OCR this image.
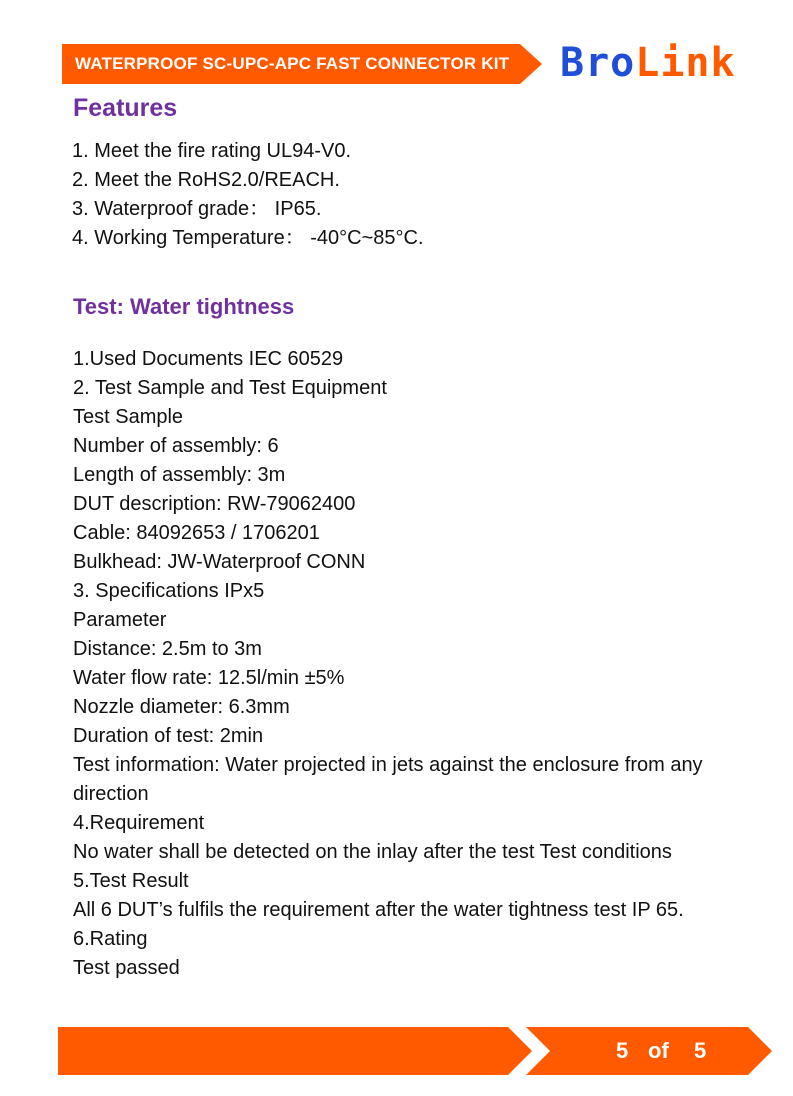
WATERPROOF SC-UPC-APC FAST CONNECTOR KIT BroLink
Features
1. Meet the fire rating UL94-V0.
2. Meet the RoHS2.0/REACH.
3. Waterproof grade： IP65.
4. Working Temperature： -40°C~85°C.
Test: Water tightness
1.Used Documents IEC 60529
2. Test Sample and Test Equipment
Test Sample
Number of assembly: 6
Length of assembly: 3m
DUT description: RW-79062400
Cable: 84092653 / 1706201
Bulkhead: JW-Waterproof CONN
3. Specifications IPx5
Parameter
Distance: 2.5m to 3m
Water flow rate: 12.5l/min ±5%
Nozzle diameter: 6.3mm
Duration of test: 2min
Test information: Water projected in jets against the enclosure from any
direction
4.Requirement
No water shall be detected on the inlay after the test Test conditions
5.Test Result
All 6 DUT’s fulfils the requirement after the water tightness test IP 65.
6.Rating
Test passed
5 of 5
